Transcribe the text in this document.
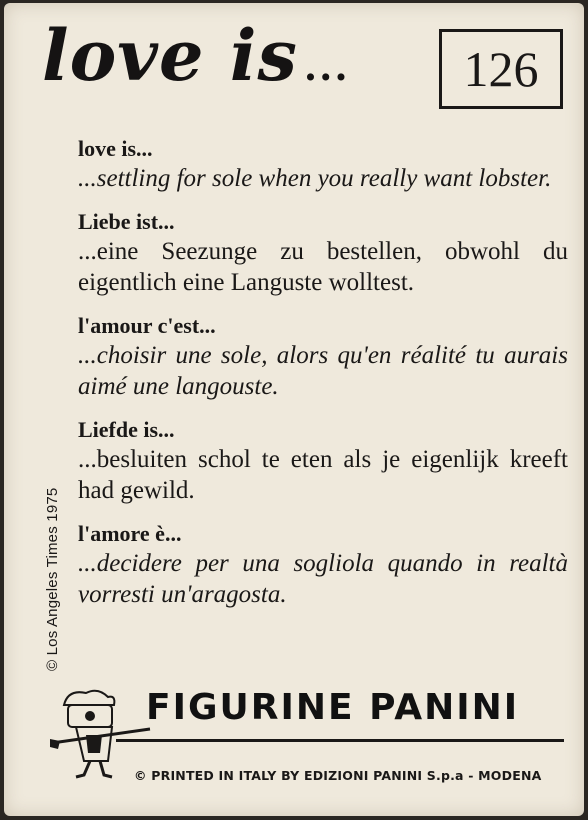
love is ...	126
love is...

...settling for sole when you really want lobster.

Liebe ist...

...eine Seezunge zu bestellen, obwohl du eigentlich eine Languste wolltest.

l'amour c'est...

...choisir une sole, alors qu'en réalité tu aurais aimé une langouste.

Liefde is...

...besluiten schol te eten als je eigenlijk kreeft had gewild.

l'amore è...

...decidere per una sogliola quando in realtà vorresti un'aragosta.

© Los Angeles Times 1975
FIGURINE PANINI
© PRINTED IN ITALY BY EDIZIONI PANINI S.p.a - MODENA
